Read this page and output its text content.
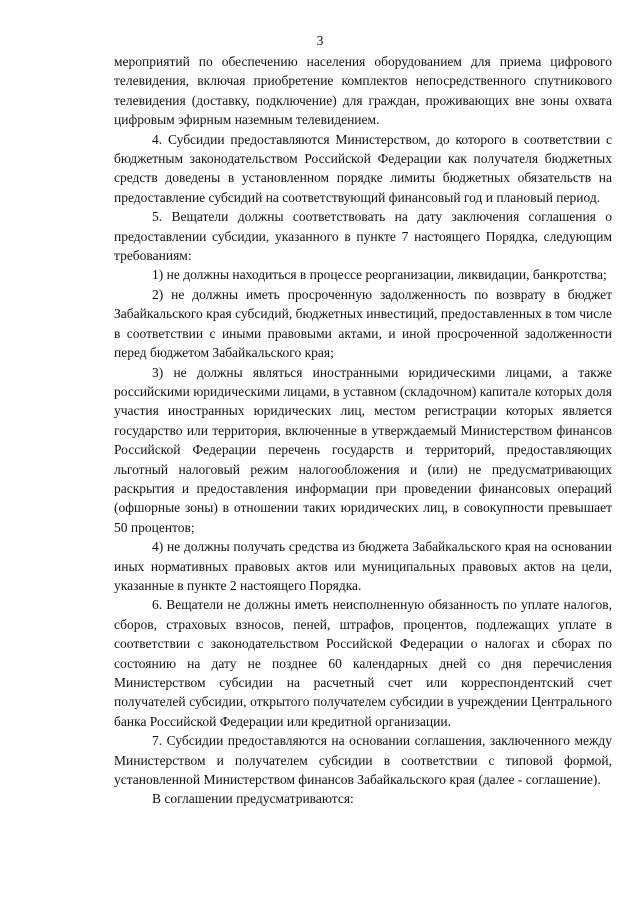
3

мероприятий по обеспечению населения оборудованием для приема цифрового телевидения, включая приобретение комплектов непосредственного спутникового телевидения (доставку, подключение) для граждан, проживающих вне зоны охвата цифровым эфирным наземным телевидением.

4. Субсидии предоставляются Министерством, до которого в соответствии с бюджетным законодательством Российской Федерации как получателя бюджетных средств доведены в установленном порядке лимиты бюджетных обязательств на предоставление субсидий на соответствующий финансовый год и плановый период.

5. Вещатели должны соответствовать на дату заключения соглашения о предоставлении субсидии, указанного в пункте 7 настоящего Порядка, следующим требованиям:

1) не должны находиться в процессе реорганизации, ликвидации, банкротства;

2) не должны иметь просроченную задолженность по возврату в бюджет Забайкальского края субсидий, бюджетных инвестиций, предоставленных в том числе в соответствии с иными правовыми актами, и иной просроченной задолженности перед бюджетом Забайкальского края;

3) не должны являться иностранными юридическими лицами, а также российскими юридическими лицами, в уставном (складочном) капитале которых доля участия иностранных юридических лиц, местом регистрации которых является государство или территория, включенные в утверждаемый Министерством финансов Российской Федерации перечень государств и территорий, предоставляющих льготный налоговый режим налогообложения и (или) не предусматривающих раскрытия и предоставления информации при проведении финансовых операций (офшорные зоны) в отношении таких юридических лиц, в совокупности превышает 50 процентов;

4) не должны получать средства из бюджета Забайкальского края на основании иных нормативных правовых актов или муниципальных правовых актов на цели, указанные в пункте 2 настоящего Порядка.

6. Вещатели не должны иметь неисполненную обязанность по уплате налогов, сборов, страховых взносов, пеней, штрафов, процентов, подлежащих уплате в соответствии с законодательством Российской Федерации о налогах и сборах по состоянию на дату не позднее 60 календарных дней со дня перечисления Министерством субсидии на расчетный счет или корреспондентский счет получателей субсидии, открытого получателем субсидии в учреждении Центрального банка Российской Федерации или кредитной организации.

7. Субсидии предоставляются на основании соглашения, заключенного между Министерством и получателем субсидии в соответствии с типовой формой, установленной Министерством финансов Забайкальского края (далее - соглашение).

В соглашении предусматриваются:
